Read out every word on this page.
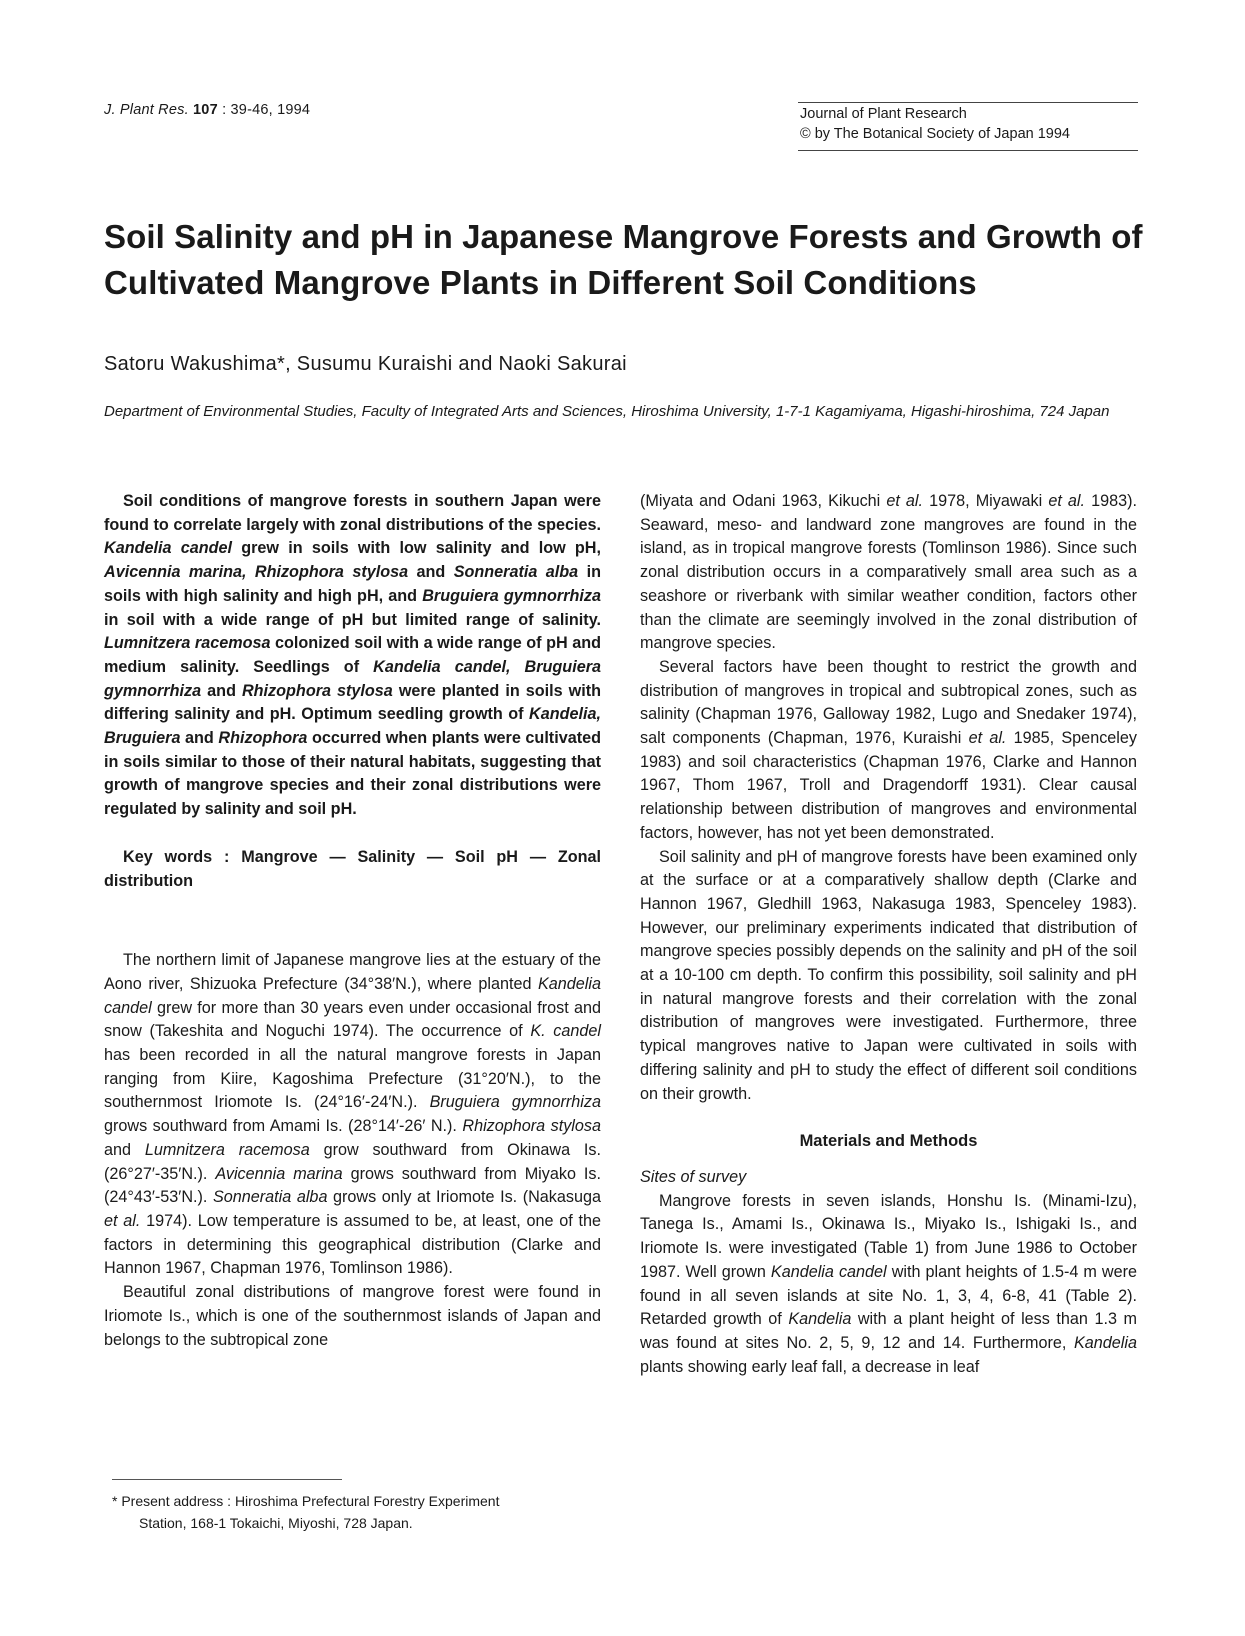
J. Plant Res. 107 : 39-46, 1994	Journal of Plant Research
© by The Botanical Society of Japan 1994
Soil Salinity and pH in Japanese Mangrove Forests and Growth of Cultivated Mangrove Plants in Different Soil Conditions
Satoru Wakushima*, Susumu Kuraishi and Naoki Sakurai
Department of Environmental Studies, Faculty of Integrated Arts and Sciences, Hiroshima University, 1-7-1 Kagamiyama, Higashi-hiroshima, 724 Japan

Soil conditions of mangrove forests in southern Japan were found to correlate largely with zonal distributions of the species. Kandelia candel grew in soils with low salinity and low pH, Avicennia marina, Rhizophora stylosa and Sonneratia alba in soils with high salinity and high pH, and Bruguiera gymnorrhiza in soil with a wide range of pH but limited range of salinity. Lumnitzera racemosa colonized soil with a wide range of pH and medium salinity. Seedlings of Kandelia candel, Bruguiera gymnorrhiza and Rhizophora stylosa were planted in soils with differing salinity and pH. Optimum seedling growth of Kandelia, Bruguiera and Rhizophora occurred when plants were cultivated in soils similar to those of their natural habitats, suggesting that growth of mangrove species and their zonal distributions were regulated by salinity and soil pH.

Key words : Mangrove — Salinity — Soil pH — Zonal distribution

The northern limit of Japanese mangrove lies at the estuary of the Aono river, Shizuoka Prefecture (34°38′N.), where planted Kandelia candel grew for more than 30 years even under occasional frost and snow (Takeshita and Noguchi 1974). The occurrence of K. candel has been recorded in all the natural mangrove forests in Japan ranging from Kiire, Kagoshima Prefecture (31°20′N.), to the southernmost Iriomote Is. (24°16′-24′N.). Bruguiera gymnorrhiza grows southward from Amami Is. (28°14′-26′ N.). Rhizophora stylosa and Lumnitzera racemosa grow southward from Okinawa Is. (26°27′-35′N.). Avicennia marina grows southward from Miyako Is. (24°43′-53′N.). Sonneratia alba grows only at Iriomote Is. (Nakasuga et al. 1974). Low temperature is assumed to be, at least, one of the factors in determining this geographical distribution (Clarke and Hannon 1967, Chapman 1976, Tomlinson 1986).

Beautiful zonal distributions of mangrove forest were found in Iriomote Is., which is one of the southernmost islands of Japan and belongs to the subtropical zone

(Miyata and Odani 1963, Kikuchi et al. 1978, Miyawaki et al. 1983). Seaward, meso- and landward zone mangroves are found in the island, as in tropical mangrove forests (Tomlinson 1986). Since such zonal distribution occurs in a comparatively small area such as a seashore or riverbank with similar weather condition, factors other than the climate are seemingly involved in the zonal distribution of mangrove species.

Several factors have been thought to restrict the growth and distribution of mangroves in tropical and subtropical zones, such as salinity (Chapman 1976, Galloway 1982, Lugo and Snedaker 1974), salt components (Chapman, 1976, Kuraishi et al. 1985, Spenceley 1983) and soil characteristics (Chapman 1976, Clarke and Hannon 1967, Thom 1967, Troll and Dragendorff 1931). Clear causal relationship between distribution of mangroves and environmental factors, however, has not yet been demonstrated.

Soil salinity and pH of mangrove forests have been examined only at the surface or at a comparatively shallow depth (Clarke and Hannon 1967, Gledhill 1963, Nakasuga 1983, Spenceley 1983). However, our preliminary experiments indicated that distribution of mangrove species possibly depends on the salinity and pH of the soil at a 10-100 cm depth. To confirm this possibility, soil salinity and pH in natural mangrove forests and their correlation with the zonal distribution of mangroves were investigated. Furthermore, three typical mangroves native to Japan were cultivated in soils with differing salinity and pH to study the effect of different soil conditions on their growth.

Materials and Methods

Sites of survey

Mangrove forests in seven islands, Honshu Is. (Minami-Izu), Tanega Is., Amami Is., Okinawa Is., Miyako Is., Ishigaki Is., and Iriomote Is. were investigated (Table 1) from June 1986 to October 1987. Well grown Kandelia candel with plant heights of 1.5-4 m were found in all seven islands at site No. 1, 3, 4, 6-8, 41 (Table 2). Retarded growth of Kandelia with a plant height of less than 1.3 m was found at sites No. 2, 5, 9, 12 and 14. Furthermore, Kandelia plants showing early leaf fall, a decrease in leaf

* Present address : Hiroshima Prefectural Forestry Experiment
Station, 168-1 Tokaichi, Miyoshi, 728 Japan.
